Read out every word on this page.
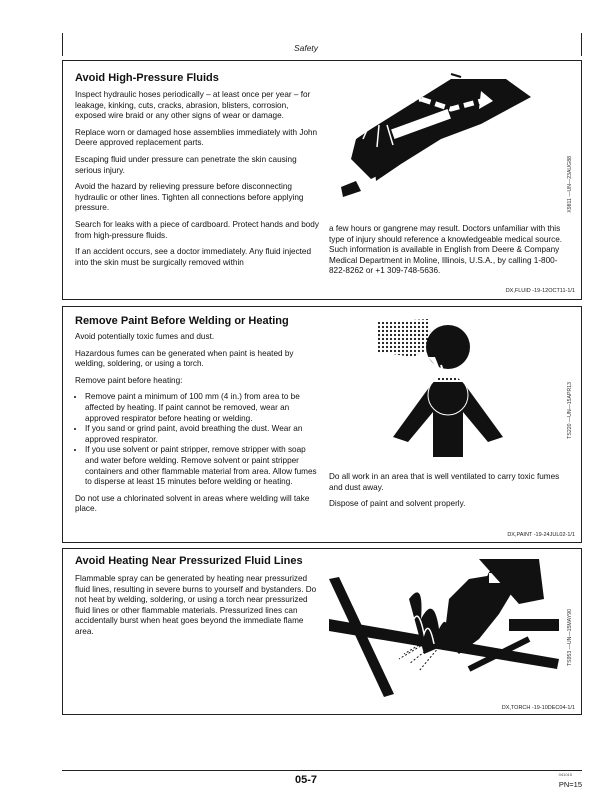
Safety
Avoid High-Pressure Fluids

Inspect hydraulic hoses periodically – at least once per year – for leakage, kinking, cuts, cracks, abrasion, blisters, corrosion, exposed wire braid or any other signs of wear or damage.

Replace worn or damaged hose assemblies immediately with John Deere approved replacement parts.

Escaping fluid under pressure can penetrate the skin causing serious injury.

Avoid the hazard by relieving pressure before disconnecting hydraulic or other lines. Tighten all connections before applying pressure.

Search for leaks with a piece of cardboard. Protect hands and body from high-pressure fluids.

If an accident occurs, see a doctor immediately. Any fluid injected into the skin must be surgically removed within

X9811 —UN—23AUG88

a few hours or gangrene may result. Doctors unfamiliar with this type of injury should reference a knowledgeable medical source. Such information is available in English from Deere & Company Medical Department in Moline, Illinois, U.S.A., by calling 1-800-822-8262 or +1 309-748-5636.

DX,FLUID -19-12OCT11-1/1
Remove Paint Before Welding or Heating

Avoid potentially toxic fumes and dust.

Hazardous fumes can be generated when paint is heated by welding, soldering, or using a torch.

Remove paint before heating:

• Remove paint a minimum of 100 mm (4 in.) from area to be affected by heating. If paint cannot be removed, wear an approved respirator before heating or welding.
• If you sand or grind paint, avoid breathing the dust. Wear an approved respirator.
• If you use solvent or paint stripper, remove stripper with soap and water before welding. Remove solvent or paint stripper containers and other flammable material from area. Allow fumes to disperse at least 15 minutes before welding or heating.

Do not use a chlorinated solvent in areas where welding will take place.

TS220 —UN—15APR13

Do all work in an area that is well ventilated to carry toxic fumes and dust away.

Dispose of paint and solvent properly.

DX,PAINT -19-24JUL02-1/1
Avoid Heating Near Pressurized Fluid Lines

Flammable spray can be generated by heating near pressurized fluid lines, resulting in severe burns to yourself and bystanders. Do not heat by welding, soldering, or using a torch near pressurized fluid lines or other flammable materials. Pressurized lines can accidentally burst when heat goes beyond the immediate flame area.	TS953 —UN—15MAY90
DX,TORCH -19-10DEC04-1/1
05-7	041015
PN=15
